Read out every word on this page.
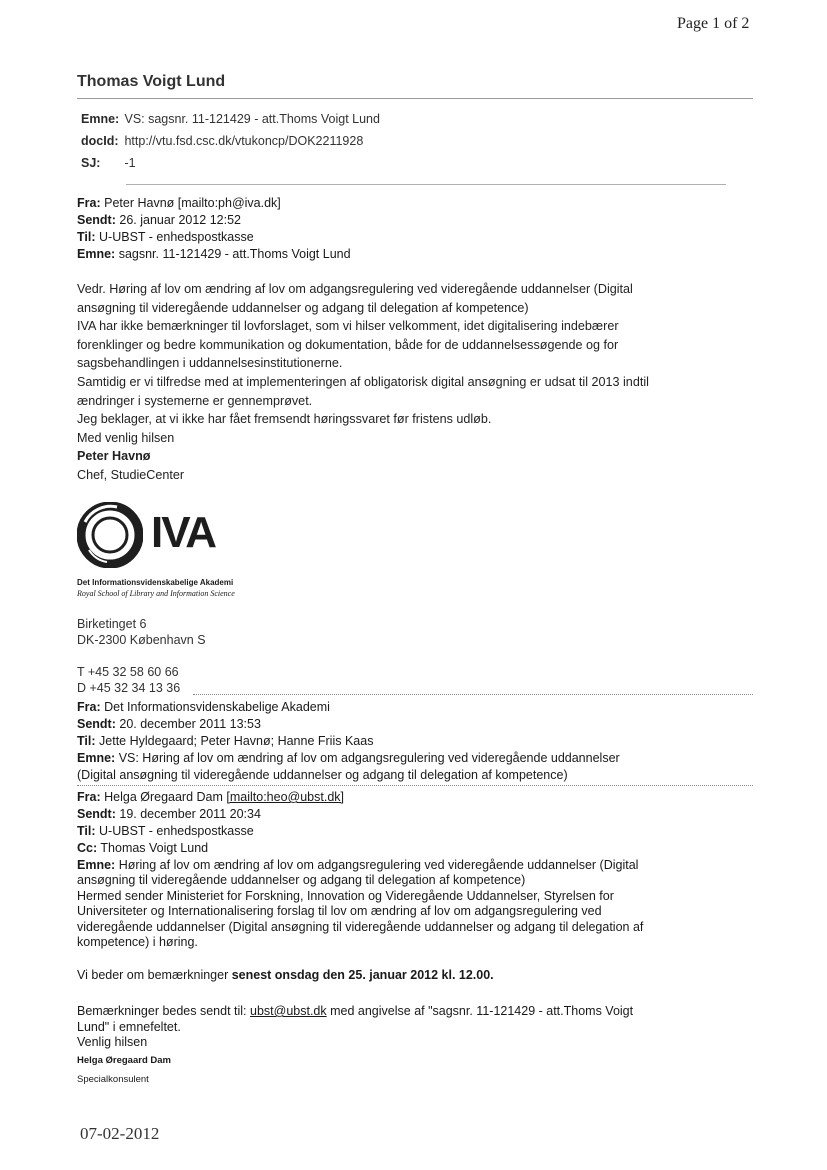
Page 1 of 2
Thomas Voigt Lund
Emne: VS: sagsnr. 11-121429 - att.Thoms Voigt Lund
docId: http://vtu.fsd.csc.dk/vtukoncp/DOK2211928
SJ: -1
Fra: Peter Havnø [mailto:ph@iva.dk]
Sendt: 26. januar 2012 12:52
Til: U-UBST - enhedspostkasse
Emne: sagsnr. 11-121429 - att.Thoms Voigt Lund
Vedr. Høring af lov om ændring af lov om adgangsregulering ved videregående uddannelser (Digital
ansøgning til videregående uddannelser og adgang til delegation af kompetence)
IVA har ikke bemærkninger til lovforslaget, som vi hilser velkomment, idet digitalisering indebærer
forenklinger og bedre kommunikation og dokumentation, både for de uddannelsessøgende og for
sagsbehandlingen i uddannelsesinstitutionerne.
Samtidig er vi tilfredse med at implementeringen af obligatorisk digital ansøgning er udsat til 2013 indtil
ændringer i systemerne er gennemprøvet.
Jeg beklager, at vi ikke har fået fremsendt høringssvaret før fristens udløb.
Med venlig hilsen
Peter Havnø
Chef, StudieCenter
IVA
Det Informationsvidenskabelige Akademi
Royal School of Library and Information Science
Birketinget 6
DK-2300 København S
T +45 32 58 60 66
D +45 32 34 13 36
Fra: Det Informationsvidenskabelige Akademi
Sendt: 20. december 2011 13:53
Til: Jette Hyldegaard; Peter Havnø; Hanne Friis Kaas
Emne: VS: Høring af lov om ændring af lov om adgangsregulering ved videregående uddannelser
(Digital ansøgning til videregående uddannelser og adgang til delegation af kompetence)
Fra: Helga Øregaard Dam [mailto:heo@ubst.dk]
Sendt: 19. december 2011 20:34
Til: U-UBST - enhedspostkasse
Cc: Thomas Voigt Lund
Emne: Høring af lov om ændring af lov om adgangsregulering ved videregående uddannelser (Digital
ansøgning til videregående uddannelser og adgang til delegation af kompetence)
Hermed sender Ministeriet for Forskning, Innovation og Videregående Uddannelser, Styrelsen for
Universiteter og Internationalisering forslag til lov om ændring af lov om adgangsregulering ved
videregående uddannelser (Digital ansøgning til videregående uddannelser og adgang til delegation af
kompetence) i høring.
Vi beder om bemærkninger senest onsdag den 25. januar 2012 kl. 12.00.
Bemærkninger bedes sendt til: ubst@ubst.dk med angivelse af "sagsnr. 11-121429 - att.Thoms Voigt
Lund" i emnefeltet.
Venlig hilsen
Helga Øregaard Dam
Specialkonsulent
07-02-2012
